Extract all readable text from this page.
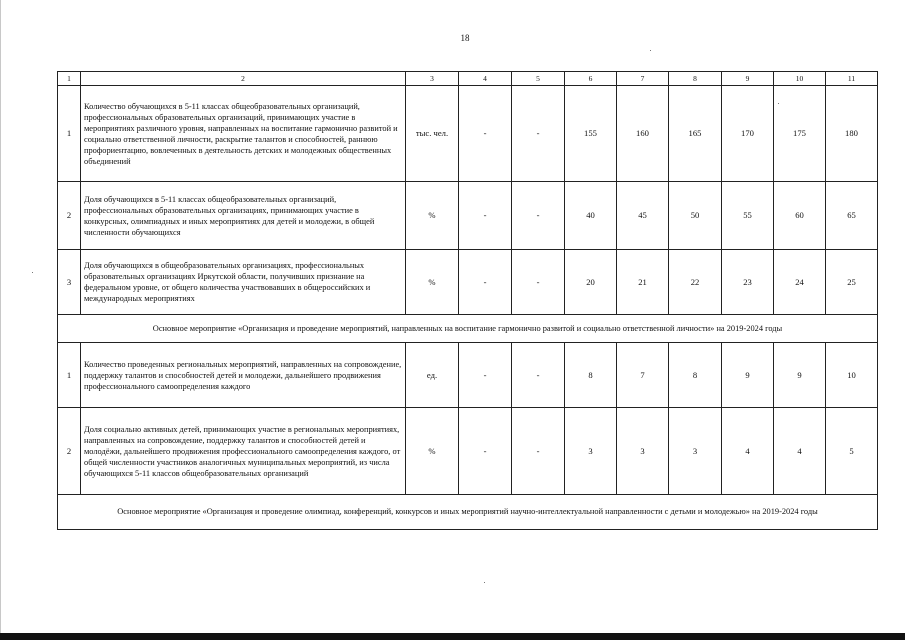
18
1	2	3	4	5	6	7	8	9	10	11
1	Количество обучающихся в 5-11 классах общеобразовательных организаций, профессиональных образовательных организаций, принимающих участие в мероприятиях различного уровня, направленных на воспитание гармонично развитой и социально ответственной личности, раскрытие талантов и способностей, раннюю профориентацию, вовлеченных в деятельность детских и молодежных общественных объединений	тыс. чел.	-	-	155	160	165	170	175	180
2	Доля обучающихся в 5-11 классах общеобразовательных организаций, профессиональных образовательных организациях, принимающих участие в конкурсных, олимпиадных и иных мероприятиях для детей и молодежи, в общей численности обучающихся	%	-	-	40	45	50	55	60	65
3	Доля обучающихся в общеобразовательных организациях, профессиональных образовательных организациях Иркутской области, получивших признание на федеральном уровне, от общего количества участвовавших в общероссийских и международных мероприятиях	%	-	-	20	21	22	23	24	25
Основное мероприятие «Организация и проведение мероприятий, направленных на воспитание гармонично развитой и социально ответственной личности» на 2019-2024 годы										
1	Количество проведенных региональных мероприятий, направленных на сопровождение, поддержку талантов и способностей детей и молодежи, дальнейшего продвижения профессионального самоопределения каждого	ед.	-	-	8	7	8	9	9	10
2	Доля социально активных детей, принимающих участие в региональных мероприятиях, направленных на сопровождение, поддержку талантов и способностей детей и молодёжи, дальнейшего продвижения профессионального самоопределения каждого, от общей численности участников аналогичных муниципальных мероприятий, из числа обучающихся 5-11 классов общеобразовательных организаций	%	-	-	3	3	3	4	4	5
Основное мероприятие «Организация и проведение олимпиад, конференций, конкурсов и иных мероприятий научно-интеллектуальной направленности с детьми и молодежью» на 2019-2024 годы										
